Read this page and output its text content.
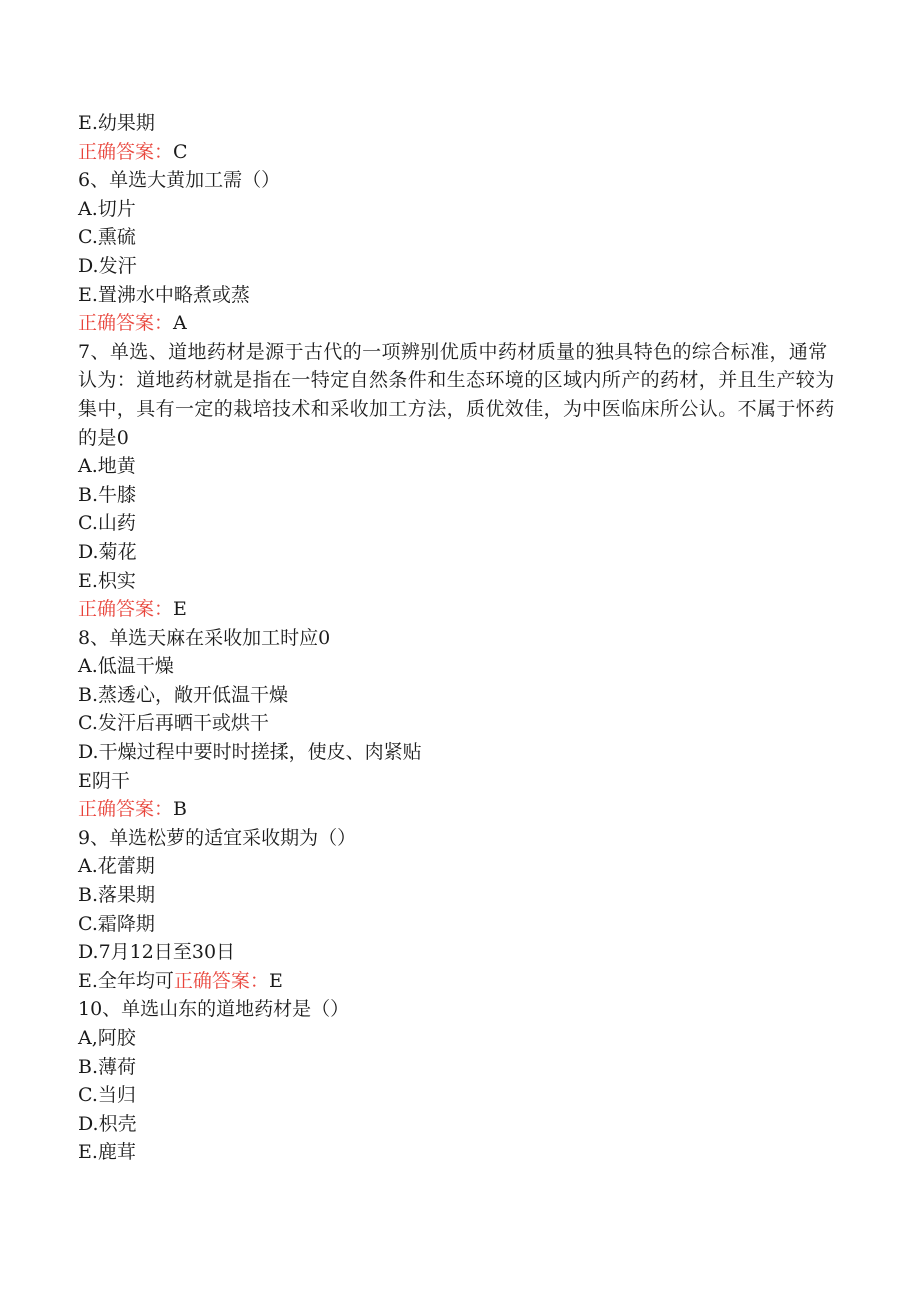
E.幼果期
正确答案：C
6、单选大黄加工需（）
A.切片
C.熏硫
D.发汗
E.置沸水中略煮或蒸
正确答案：A
7、单选、道地药材是源于古代的一项辨别优质中药材质量的独具特色的综合标准，通常认为：道地药材就是指在一特定自然条件和生态环境的区域内所产的药材，并且生产较为集中，具有一定的栽培技术和采收加工方法，质优效佳，为中医临床所公认。不属于怀药的是0
A.地黄
B.牛膝
C.山药
D.菊花
E.枳实
正确答案：E
8、单选天麻在采收加工时应0
A.低温干燥
B.蒸透心，敞开低温干燥
C.发汗后再晒干或烘干
D.干燥过程中要时时搓揉，使皮、肉紧贴
E阴干
正确答案：B
9、单选松萝的适宜采收期为（）
A.花蕾期
B.落果期
C.霜降期
D.7月12日至30日
E.全年均可正确答案：E
10、单选山东的道地药材是（）
A,阿胶
B.薄荷
C.当归
D.枳壳
E.鹿茸
